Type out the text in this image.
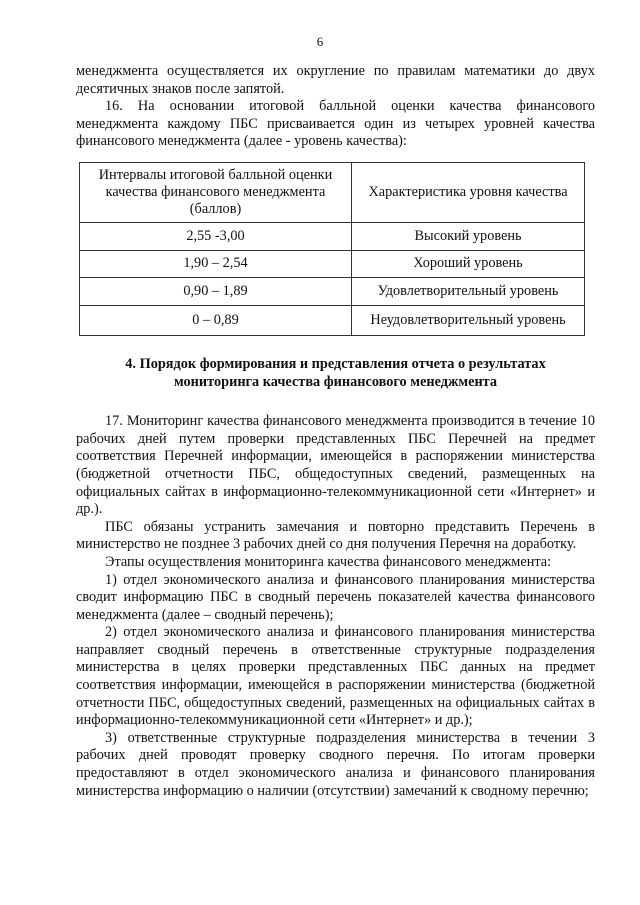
6

менеджмента осуществляется их округление по правилам математики до двух

десятичных знаков после запятой.

16. На основании итоговой балльной оценки качества финансового менеджмента каждому ПБС присваивается один из четырех уровней качества финансового менеджмента (далее - уровень качества):

Интервалы итоговой балльной оценки качества финансового менеджмента (баллов)	Характеристика уровня качества
2,55 -3,00	Высокий уровень
1,90 – 2,54	Хороший уровень
0,90 – 1,89	Удовлетворительный уровень
0 – 0,89	Неудовлетворительный уровень

4. Порядок формирования и представления отчета о результатах

мониторинга качества финансового менеджмента

17. Мониторинг качества финансового менеджмента производится в течение 10 рабочих дней путем проверки представленных ПБС Перечней на предмет соответствия Перечней информации, имеющейся в распоряжении министерства (бюджетной отчетности ПБС, общедоступных сведений, размещенных на официальных сайтах в информационно-телекоммуникационной сети «Интернет» и др.).

ПБС обязаны устранить замечания и повторно представить Перечень в министерство не позднее 3 рабочих дней со дня получения Перечня на доработку.

Этапы осуществления мониторинга качества финансового менеджмента:

1) отдел экономического анализа и финансового планирования министерства сводит информацию ПБС в сводный перечень показателей качества финансового менеджмента (далее – сводный перечень);

2) отдел экономического анализа и финансового планирования министерства направляет сводный перечень в ответственные структурные подразделения министерства в целях проверки представленных ПБС данных на предмет соответствия информации, имеющейся в распоряжении министерства (бюджетной отчетности ПБС, общедоступных сведений, размещенных на официальных сайтах в информационно-телекоммуникационной сети «Интернет» и др.);

3) ответственные структурные подразделения министерства в течении 3 рабочих дней проводят проверку сводного перечня. По итогам проверки предоставляют в отдел экономического анализа и финансового планирования министерства информацию о наличии (отсутствии) замечаний к сводному перечню;
